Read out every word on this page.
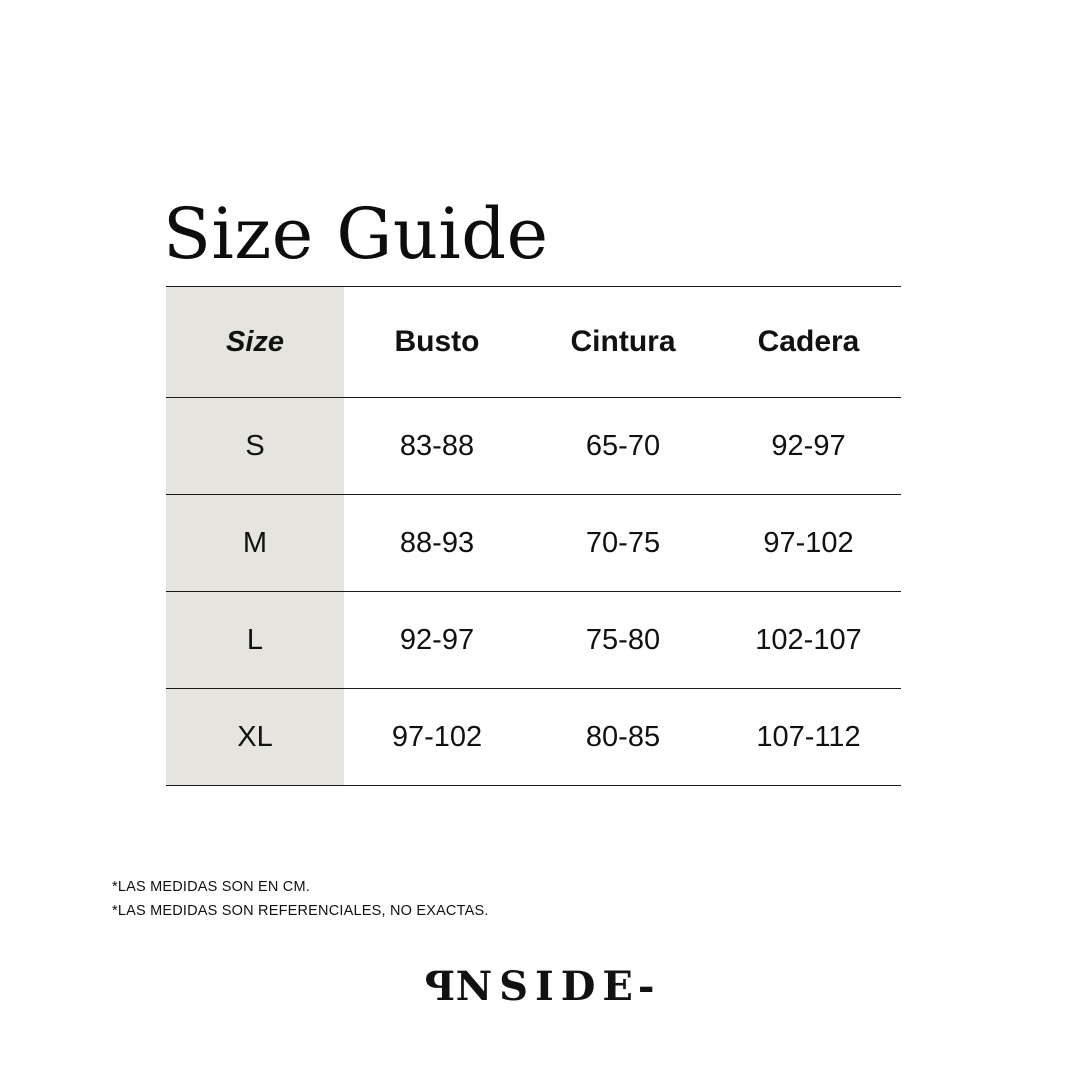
Size Guide
Size	Busto	Cintura	Cadera
S	83-88	65-70	92-97
M	88-93	70-75	97-102
L	92-97	75-80	102-107
XL	97-102	80-85	107-112
*LAS MEDIDAS SON EN CM.
*LAS MEDIDAS SON REFERENCIALES, NO EXACTAS.
PNSIDE-
